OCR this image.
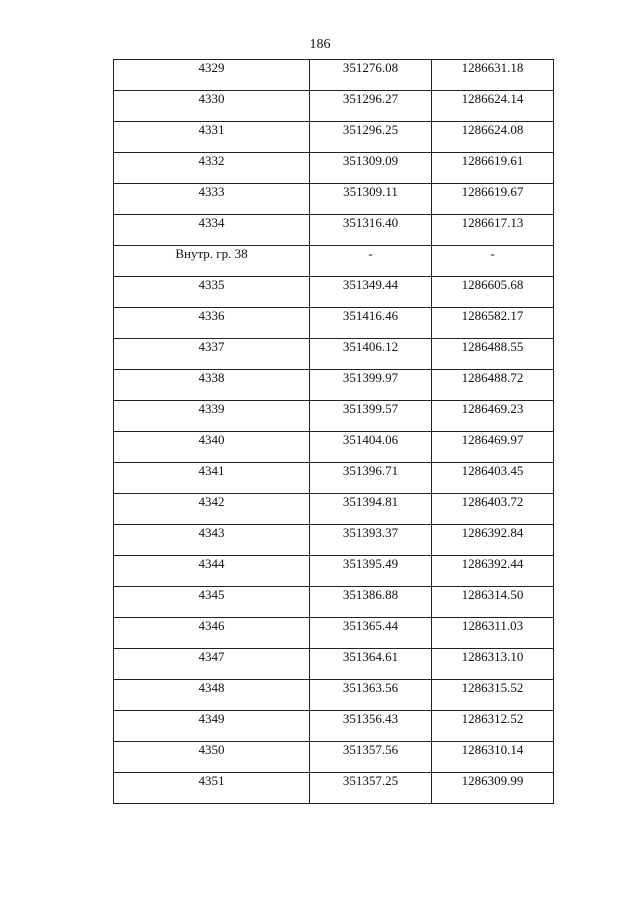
186
4329	351276.08	1286631.18
4330	351296.27	1286624.14
4331	351296.25	1286624.08
4332	351309.09	1286619.61
4333	351309.11	1286619.67
4334	351316.40	1286617.13
Внутр. гр. 38	-	-
4335	351349.44	1286605.68
4336	351416.46	1286582.17
4337	351406.12	1286488.55
4338	351399.97	1286488.72
4339	351399.57	1286469.23
4340	351404.06	1286469.97
4341	351396.71	1286403.45
4342	351394.81	1286403.72
4343	351393.37	1286392.84
4344	351395.49	1286392.44
4345	351386.88	1286314.50
4346	351365.44	1286311.03
4347	351364.61	1286313.10
4348	351363.56	1286315.52
4349	351356.43	1286312.52
4350	351357.56	1286310.14
4351	351357.25	1286309.99
